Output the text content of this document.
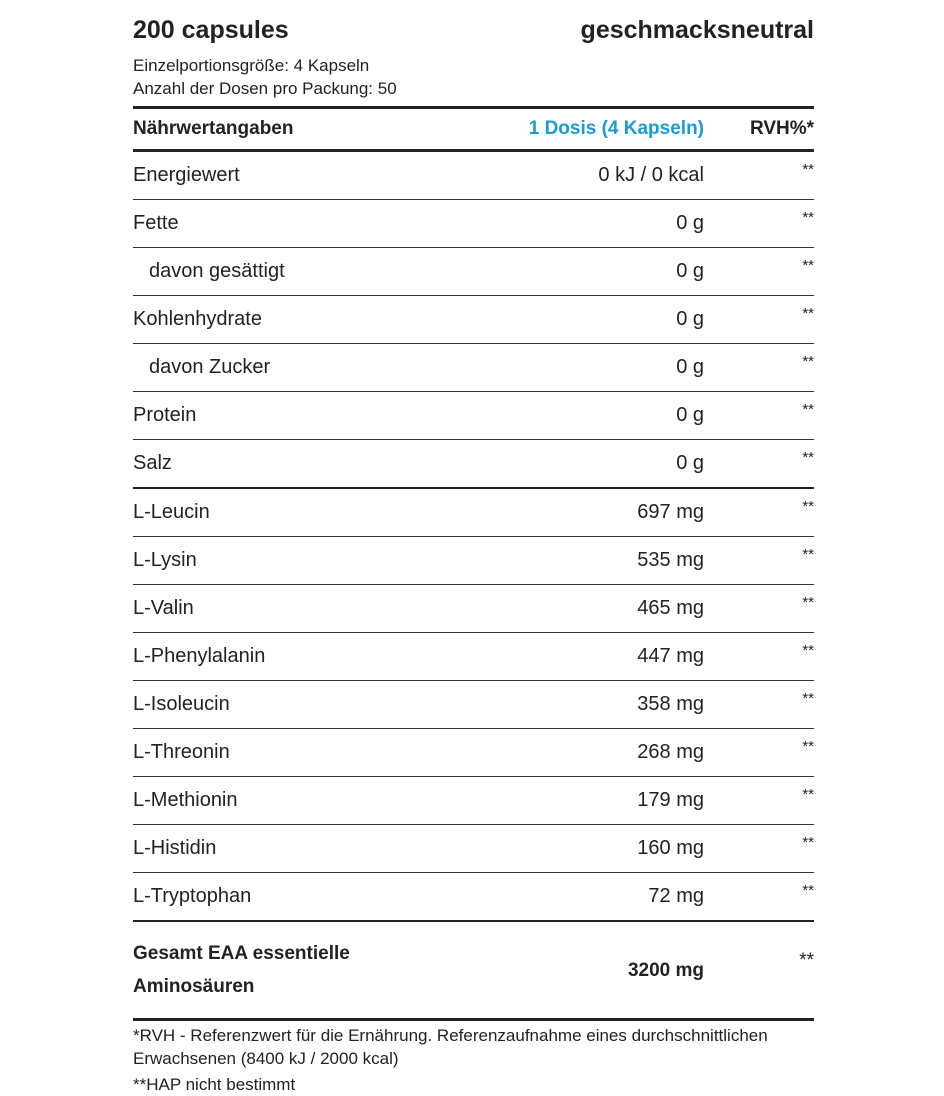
200 capsules	geschmacksneutral
Einzelportionsgröße: 4 Kapseln
Anzahl der Dosen pro Packung: 50
Nährwertangaben	1 Dosis (4 Kapseln)	RVH%*
Energiewert	0 kJ / 0 kcal	**
Fette	0 g	**
davon gesättigt	0 g	**
Kohlenhydrate	0 g	**
davon Zucker	0 g	**
Protein	0 g	**
Salz	0 g	**
L-Leucin	697 mg	**
L-Lysin	535 mg	**
L-Valin	465 mg	**
L-Phenylalanin	447 mg	**
L-Isoleucin	358 mg	**
L-Threonin	268 mg	**
L-Methionin	179 mg	**
L-Histidin	160 mg	**
L-Tryptophan	72 mg	**
Gesamt EAA essentielle Aminosäuren	3200 mg	**
*RVH - Referenzwert für die Ernährung. Referenzaufnahme eines durchschnittlichen Erwachsenen (8400 kJ / 2000 kcal)
**HAP nicht bestimmt
